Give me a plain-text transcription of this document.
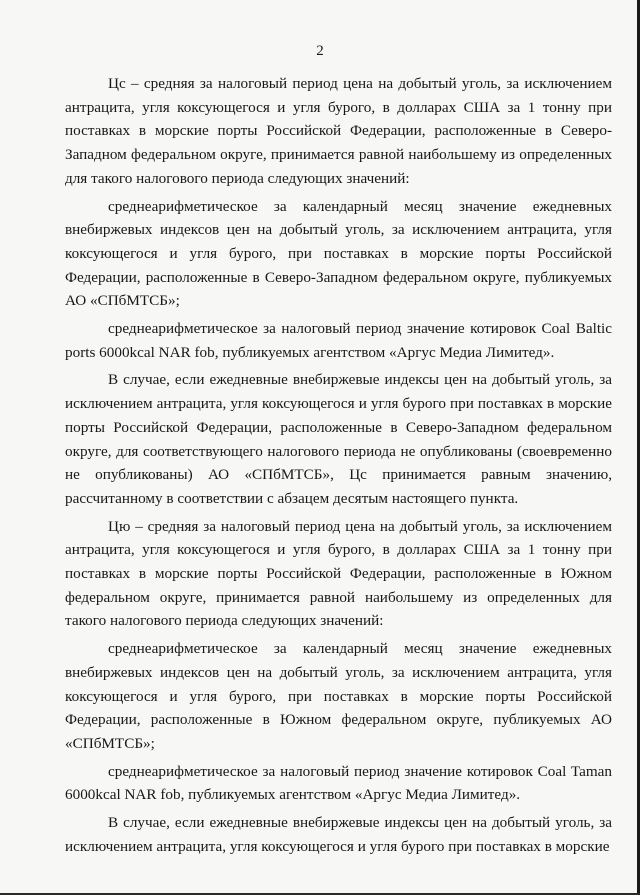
2

Цс – средняя за налоговый период цена на добытый уголь, за исключением антрацита, угля коксующегося и угля бурого, в долларах США за 1 тонну при поставках в морские порты Российской Федерации, расположенные в Северо-Западном федеральном округе, принимается равной наибольшему из определенных для такого налогового периода следующих значений:

среднеарифметическое за календарный месяц значение ежедневных внебиржевых индексов цен на добытый уголь, за исключением антрацита, угля коксующегося и угля бурого, при поставках в морские порты Российской Федерации, расположенные в Северо-Западном федеральном округе, публикуемых АО «СПбМТСБ»;

среднеарифметическое за налоговый период значение котировок Coal Baltic ports 6000kcal NAR fob, публикуемых агентством «Аргус Медиа Лимитед».

В случае, если ежедневные внебиржевые индексы цен на добытый уголь, за исключением антрацита, угля коксующегося и угля бурого при поставках в морские порты Российской Федерации, расположенные в Северо-Западном федеральном округе, для соответствующего налогового периода не опубликованы (своевременно не опубликованы) АО «СПбМТСБ», Цс принимается равным значению, рассчитанному в соответствии с абзацем десятым настоящего пункта.

Цю – средняя за налоговый период цена на добытый уголь, за исключением антрацита, угля коксующегося и угля бурого, в долларах США за 1 тонну при поставках в морские порты Российской Федерации, расположенные в Южном федеральном округе, принимается равной наибольшему из определенных для такого налогового периода следующих значений:

среднеарифметическое за календарный месяц значение ежедневных внебиржевых индексов цен на добытый уголь, за исключением антрацита, угля коксующегося и угля бурого, при поставках в морские порты Российской Федерации, расположенные в Южном федеральном округе, публикуемых АО «СПбМТСБ»;

среднеарифметическое за налоговый период значение котировок Coal Taman 6000kcal NAR fob, публикуемых агентством «Аргус Медиа Лимитед».

В случае, если ежедневные внебиржевые индексы цен на добытый уголь, за исключением антрацита, угля коксующегося и угля бурого при поставках в морские
